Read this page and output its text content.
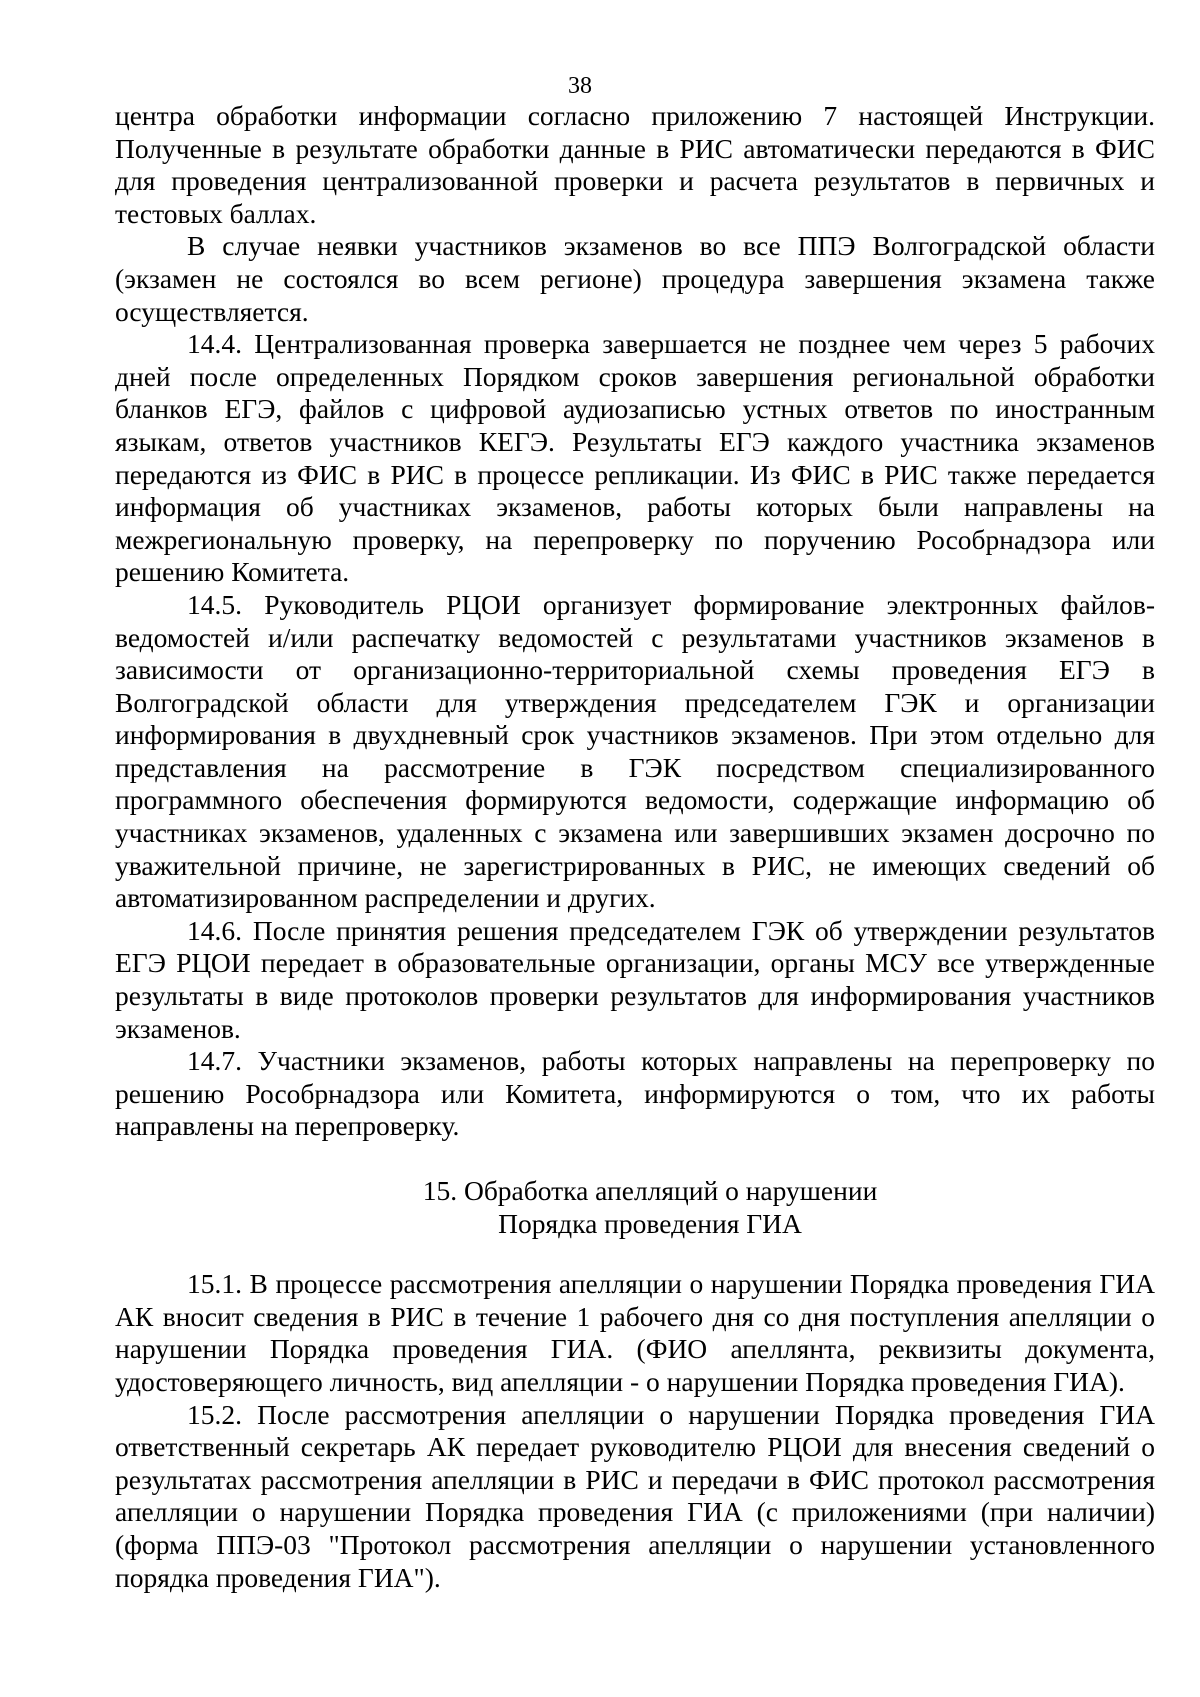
38

центра обработки информации согласно приложению 7 настоящей Инструкции. Полученные в результате обработки данные в РИС автоматически передаются в ФИС для проведения централизованной проверки и расчета результатов в первичных и тестовых баллах.

В случае неявки участников экзаменов во все ППЭ Волгоградской области (экзамен не состоялся во всем регионе) процедура завершения экзамена также осуществляется.

14.4. Централизованная проверка завершается не позднее чем через 5 рабочих дней после определенных Порядком сроков завершения региональной обработки бланков ЕГЭ, файлов с цифровой аудиозаписью устных ответов по иностранным языкам, ответов участников КЕГЭ. Результаты ЕГЭ каждого участника экзаменов передаются из ФИС в РИС в процессе репликации. Из ФИС в РИС также передается информация об участниках экзаменов, работы которых были направлены на межрегиональную проверку, на перепроверку по поручению Рособрнадзора или решению Комитета.

14.5. Руководитель РЦОИ организует формирование электронных файлов-ведомостей и/или распечатку ведомостей с результатами участников экзаменов в зависимости от организационно-территориальной схемы проведения ЕГЭ в Волгоградской области для утверждения председателем ГЭК и организации информирования в двухдневный срок участников экзаменов. При этом отдельно для представления на рассмотрение в ГЭК посредством специализированного программного обеспечения формируются ведомости, содержащие информацию об участниках экзаменов, удаленных с экзамена или завершивших экзамен досрочно по уважительной причине, не зарегистрированных в РИС, не имеющих сведений об автоматизированном распределении и других.

14.6. После принятия решения председателем ГЭК об утверждении результатов ЕГЭ РЦОИ передает в образовательные организации, органы МСУ все утвержденные результаты в виде протоколов проверки результатов для информирования участников экзаменов.

14.7. Участники экзаменов, работы которых направлены на перепроверку по решению Рособрнадзора или Комитета, информируются о том, что их работы направлены на перепроверку.

15. Обработка апелляций о нарушении
Порядка проведения ГИА

15.1. В процессе рассмотрения апелляции о нарушении Порядка проведения ГИА АК вносит сведения в РИС в течение 1 рабочего дня со дня поступления апелляции о нарушении Порядка проведения ГИА. (ФИО апеллянта, реквизиты документа, удостоверяющего личность, вид апелляции - о нарушении Порядка проведения ГИА).

15.2. После рассмотрения апелляции о нарушении Порядка проведения ГИА ответственный секретарь АК передает руководителю РЦОИ для внесения сведений о результатах рассмотрения апелляции в РИС и передачи в ФИС протокол рассмотрения апелляции о нарушении Порядка проведения ГИА (с приложениями (при наличии) (форма ППЭ-03 "Протокол рассмотрения апелляции о нарушении установленного порядка проведения ГИА").
